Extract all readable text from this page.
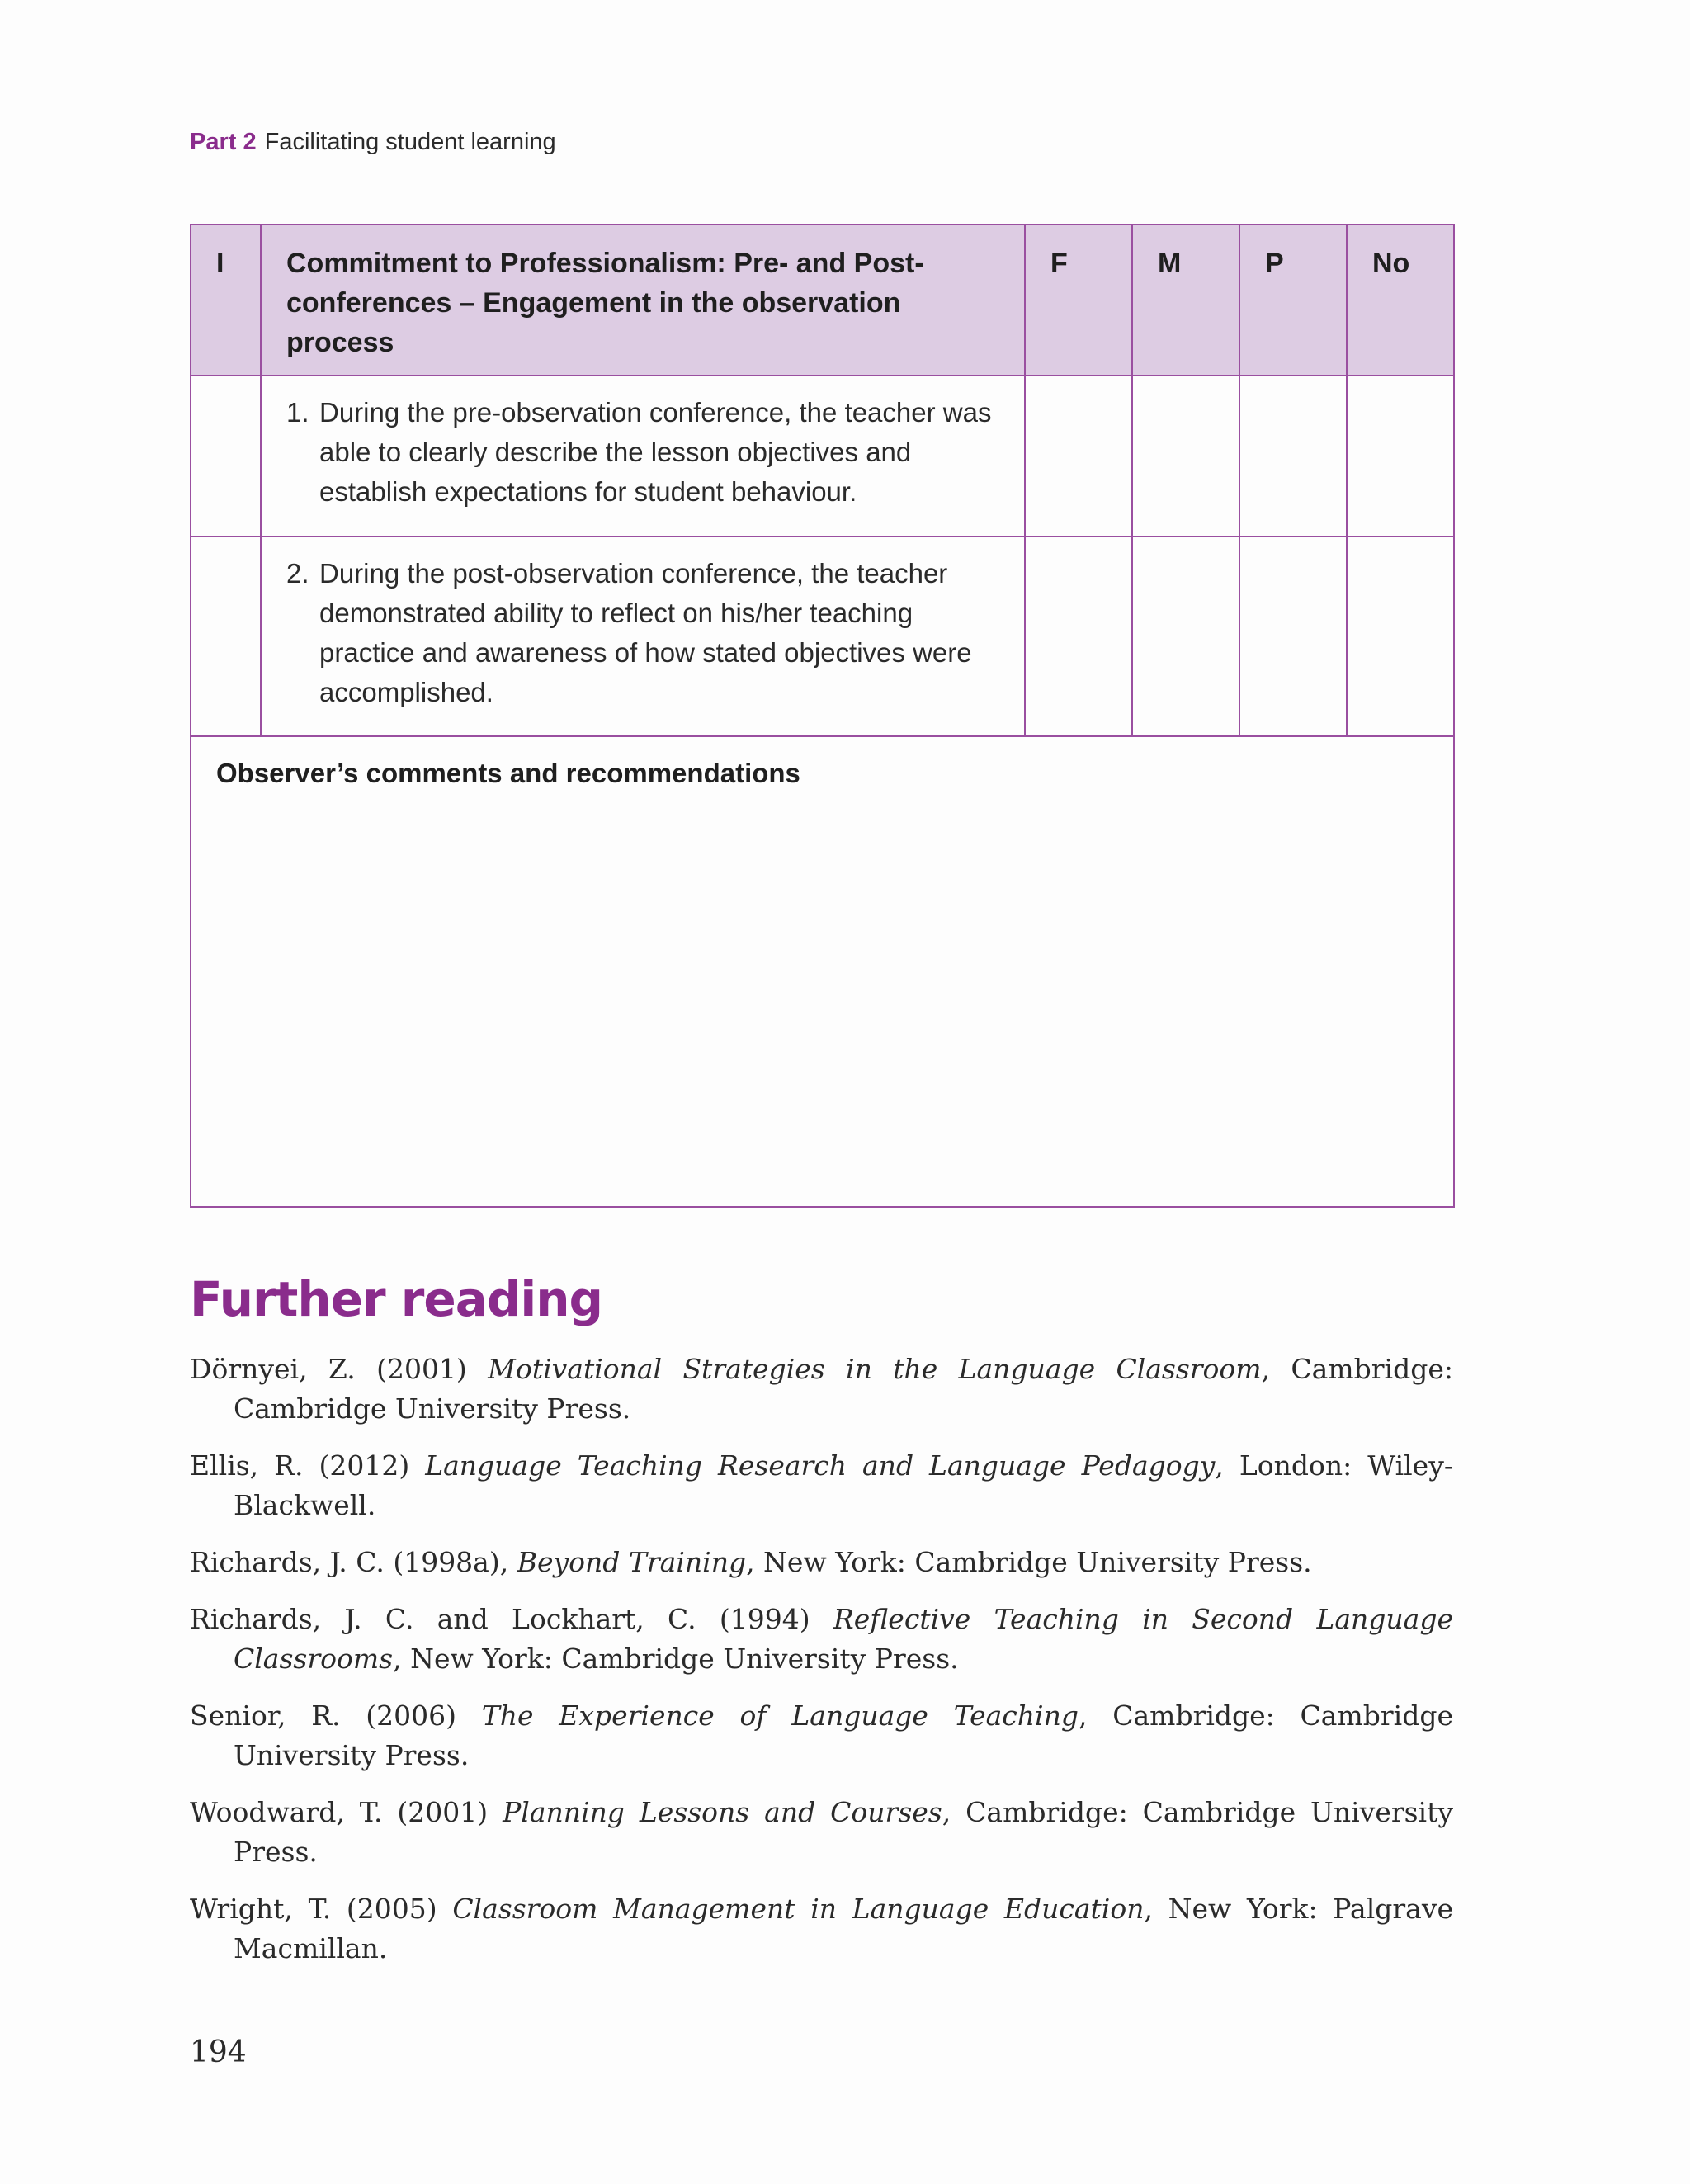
Part 2 Facilitating student learning
I	Commitment to Professionalism: Pre- and Post-conferences – Engagement in the observation process	F	M	P	No

	1. During the pre-observation conference, the teacher was able to clearly describe the lesson objectives and establish expectations for student behaviour.				

	2. During the post-observation conference, the teacher demonstrated ability to reflect on his/her teaching practice and awareness of how stated objectives were accomplished.				

Observer’s comments and recommendations					
Further reading
Dörnyei, Z. (2001) Motivational Strategies in the Language Classroom, Cambridge: Cambridge University Press.
Ellis, R. (2012) Language Teaching Research and Language Pedagogy, London: Wiley-Blackwell.
Richards, J. C. (1998a), Beyond Training, New York: Cambridge University Press.
Richards, J. C. and Lockhart, C. (1994) Reflective Teaching in Second Language Classrooms, New York: Cambridge University Press.
Senior, R. (2006) The Experience of Language Teaching, Cambridge: Cambridge University Press.
Woodward, T. (2001) Planning Lessons and Courses, Cambridge: Cambridge University Press.
Wright, T. (2005) Classroom Management in Language Education, New York: Palgrave Macmillan.
194
